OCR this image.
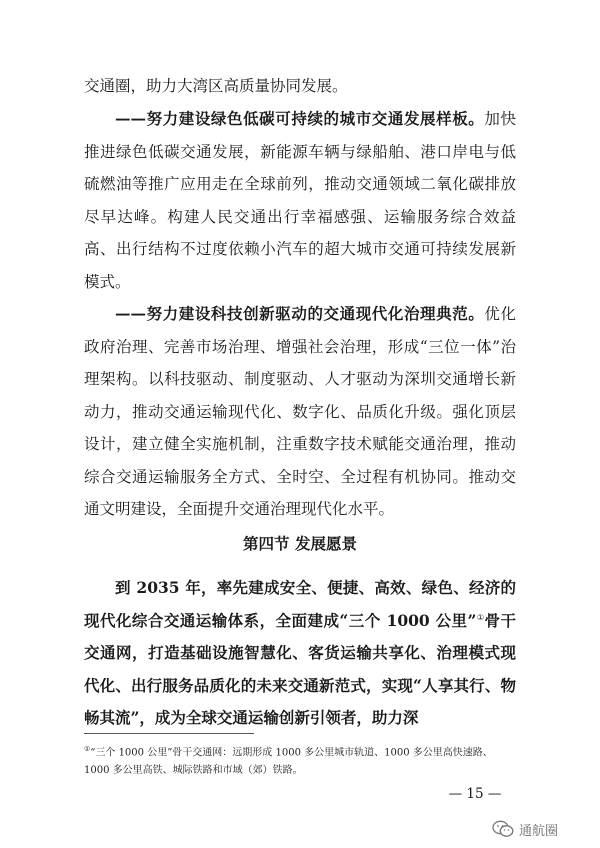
交通圈，助力大湾区高质量协同发展。

——努力建设绿色低碳可持续的城市交通发展样板。加快推进绿色低碳交通发展，新能源车辆与绿船舶、港口岸电与低硫燃油等推广应用走在全球前列，推动交通领域二氧化碳排放尽早达峰。构建人民交通出行幸福感强、运输服务综合效益高、出行结构不过度依赖小汽车的超大城市交通可持续发展新模式。

——努力建设科技创新驱动的交通现代化治理典范。优化政府治理、完善市场治理、增强社会治理，形成“三位一体”治理架构。以科技驱动、制度驱动、人才驱动为深圳交通增长新动力，推动交通运输现代化、数字化、品质化升级。强化顶层设计，建立健全实施机制，注重数字技术赋能交通治理，推动综合交通运输服务全方式、全时空、全过程有机协同。推动交通文明建设，全面提升交通治理现代化水平。

第四节 发展愿景

到 2035 年，率先建成安全、便捷、高效、绿色、经济的现代化综合交通运输体系，全面建成“三个 1000 公里”①骨干交通网，打造基础设施智慧化、客货运输共享化、治理模式现代化、出行服务品质化的未来交通新范式，实现“人享其行、物畅其流”，成为全球交通运输创新引领者，助力深

①“三个 1000 公里”骨干交通网：远期形成 1000 多公里城市轨道、1000 多公里高快速路、1000 多公里高铁、城际铁路和市域（郊）铁路。

— 15 —
通航圈
